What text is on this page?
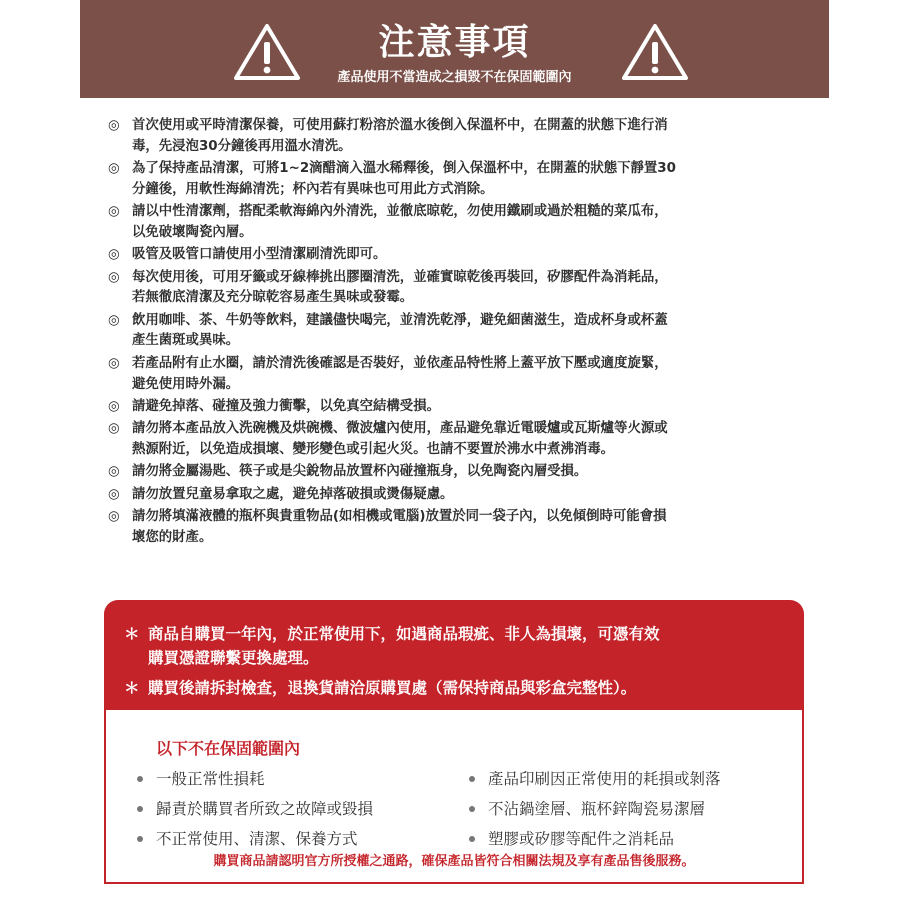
注意事項
產品使用不當造成之損毀不在保固範圍內
◎ 首次使用或平時清潔保養，可使用蘇打粉溶於溫水後倒入保溫杯中，在開蓋的狀態下進行消
毒，先浸泡30分鐘後再用溫水清洗。
◎ 為了保持產品清潔，可將1~2滴醋滴入溫水稀釋後，倒入保溫杯中，在開蓋的狀態下靜置30
分鐘後，用軟性海綿清洗；杯內若有異味也可用此方式消除。
◎ 請以中性清潔劑，搭配柔軟海綿內外清洗，並徹底晾乾，勿使用鐵刷或過於粗糙的菜瓜布，
以免破壞陶瓷內層。
◎ 吸管及吸管口請使用小型清潔刷清洗即可。
◎ 每次使用後，可用牙籤或牙線棒挑出膠圈清洗，並確實晾乾後再裝回，矽膠配件為消耗品，
若無徹底清潔及充分晾乾容易產生異味或發霉。
◎ 飲用咖啡、茶、牛奶等飲料，建議儘快喝完，並清洗乾淨，避免細菌滋生，造成杯身或杯蓋
產生菌斑或異味。
◎ 若產品附有止水圈，請於清洗後確認是否裝好，並依產品特性將上蓋平放下壓或適度旋緊，
避免使用時外漏。
◎ 請避免掉落、碰撞及強力衝擊，以免真空結構受損。
◎ 請勿將本產品放入洗碗機及烘碗機、微波爐內使用，產品避免靠近電暖爐或瓦斯爐等火源或
熱源附近，以免造成損壞、變形變色或引起火災。也請不要置於沸水中煮沸消毒。
◎ 請勿將金屬湯匙、筷子或是尖銳物品放置杯內碰撞瓶身，以免陶瓷內層受損。
◎ 請勿放置兒童易拿取之處，避免掉落破損或燙傷疑慮。
◎ 請勿將填滿液體的瓶杯與貴重物品(如相機或電腦)放置於同一袋子內，以免傾倒時可能會損
壞您的財產。
＊ 商品自購買一年內，於正常使用下，如遇商品瑕疵、非人為損壞，可憑有效
購買憑證聯繫更換處理。
＊ 購買後請拆封檢查，退換貨請洽原購買處（需保持商品與彩盒完整性）。
以下不在保固範圍內
一般正常性損耗
歸責於購買者所致之故障或毀損
不正常使用、清潔、保養方式
產品印刷因正常使用的耗損或剝落
不沾鍋塗層、瓶杯鋅陶瓷易潔層
塑膠或矽膠等配件之消耗品
購買商品請認明官方所授權之通路，確保產品皆符合相關法規及享有產品售後服務。
